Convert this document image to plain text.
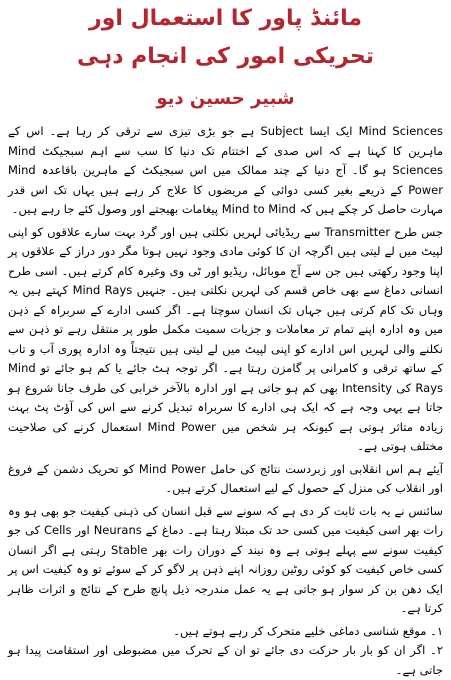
مائنڈ پاور کا استعمال اور
تحریکی امور کی انجام دہی
شبیر حسین دیو

Mind Sciences ایک ایسا Subject ہے جو بڑی تیزی سے ترقی کر رہا ہے۔ اس کے ماہرین کا کہنا ہے کہ اس صدی کے اختتام تک دنیا کا سب سے اہم سبجیکٹ Mind Sciences ہو گا۔ آج دنیا کے چند ممالک میں اس سبجیکٹ کے ماہرین باقاعدہ Mind Power کے ذریعے بغیر کسی دوائی کے مریضوں کا علاج کر رہے ہیں یہاں تک اس قدر مہارت حاصل کر چکے ہیں کہ Mind to Mind پیغامات بھیجتے اور وصول کئے جا رہے ہیں۔

جس طرح Transmitter سے ریڈیائی لہریں نکلتی ہیں اور گرد بہت سارے علاقوں کو اپنی لپیٹ میں لے لیتی ہیں اگرچہ ان کا کوئی مادی وجود نہیں ہوتا مگر دور دراز کے علاقوں پر اپنا وجود رکھتی ہیں جن سے آج موبائل، ریڈیو اور ٹی وی وغیرہ کام کرتے ہیں۔ اسی طرح انسانی دماغ سے بھی خاص قسم کی لہریں نکلتی ہیں۔ جنہیں Mind Rays کہتے ہیں یہ وہاں تک کام کرتی ہیں جہاں تک انسان سوچتا ہے۔ اگر کسی ادارے کے سربراہ کے ذہن میں وہ ادارہ اپنے تمام تر معاملات و جزیات سمیت مکمل طور پر منتقل رہے تو ذہن سے نکلنے والی لہریں اس ادارے کو اپنی لپیٹ میں لے لیتی ہیں نتیجتاً وہ ادارہ پوری آب و تاب کے ساتھ ترقی و کامرانی پر گامزن رہتا ہے۔ اگر توجہ ہٹ جائے یا کم ہو جائے تو Mind Rays کی Intensity بھی کم ہو جاتی ہے اور ادارہ بالآخر خرابی کی طرف جانا شروع ہو جاتا ہے یہی وجہ ہے کہ ایک ہی ادارے کا سربراہ تبدیل کرنے سے اس کی آؤٹ پٹ بہت زیادہ متاثر ہوتی ہے کیونکہ ہر شخص میں Mind Power استعمال کرنے کی صلاحیت مختلف ہوتی ہے۔

آیئے ہم اس انقلابی اور زبردست نتائج کی حامل Mind Power کو تحریک دشمن کے فروغ اور انقلاب کی منزل کے حصول کے لیے استعمال کرتے ہیں۔

سائنس نے یہ بات ثابت کر دی ہے کہ سونے سے قبل انسان کی ذہنی کیفیت جو بھی ہو وہ رات بھر اسی کیفیت میں کسی حد تک مبتلا رہتا ہے۔ دماغ کے Neurans اور Cells کی جو کیفیت سونے سے پہلے ہوتی ہے وہ نیند کے دوران رات بھر Stable رہتی ہے اگر انسان کسی خاص کیفیت کو کوئی روٹین روزانہ اپنے ذہن پر لاگو کر کے سوئے تو وہ کیفیت اس پر ایک دھن بن کر سوار ہو جاتی ہے یہ عمل مندرجہ ذیل پانچ طرح کے نتائج و اثرات ظاہر کرتا ہے۔

۱۔ موقع شناسی دماغی خلیے متحرک کر رہے ہوتے ہیں۔

۲۔ اگر ان کو بار بار حرکت دی جائے تو ان کے تحرک میں مضبوطی اور استقامت پیدا ہو جاتی ہے۔
